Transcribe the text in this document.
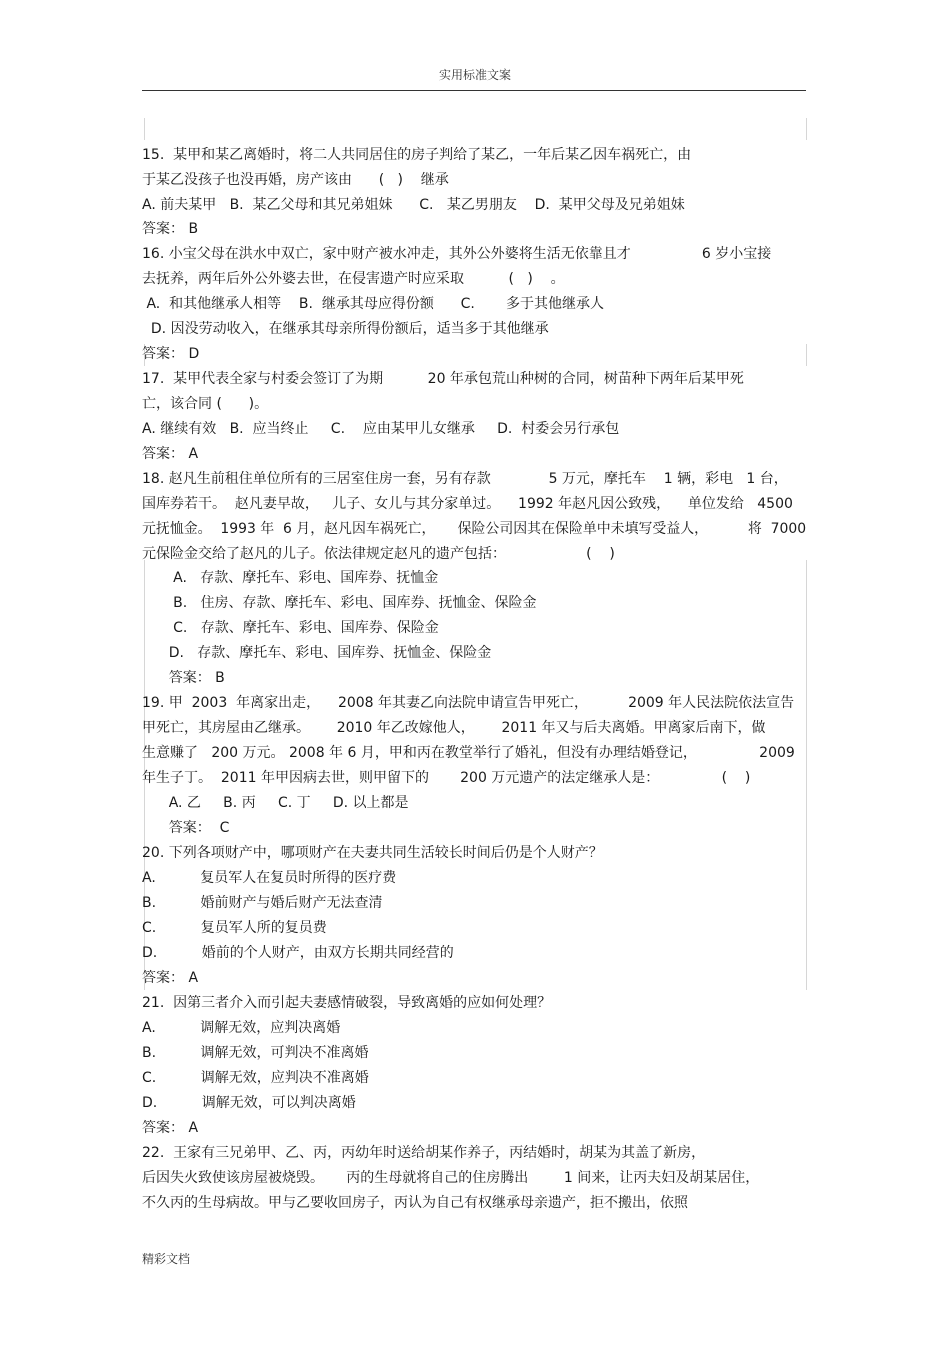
实用标准文案
15.  某甲和某乙离婚时，将二人共同居住的房子判给了某乙，一年后某乙因车祸死亡，由
于某乙没孩子也没再婚，房产该由      (   )    继承
A. 前夫某甲   B.  某乙父母和其兄弟姐妹      C.   某乙男朋友    D.  某甲父母及兄弟姐妹
答案： B
16. 小宝父母在洪水中双亡，家中财产被水冲走，其外公外婆将生活无依靠且才                6 岁小宝接
去抚养，两年后外公外婆去世，在侵害遗产时应采取          (   )    。
A.  和其他继承人相等    B.  继承其母应得份额      C.       多于其他继承人
D. 因没劳动收入，在继承其母亲所得份额后，适当多于其他继承
答案： D
17.  某甲代表全家与村委会签订了为期          20 年承包荒山种树的合同，树苗种下两年后某甲死
亡，该合同 (      )。
A. 继续有效   B.  应当终止     C.    应由某甲儿女继承     D.  村委会另行承包
答案： A
18. 赵凡生前租住单位所有的三居室住房一套，另有存款             5 万元，摩托车    1 辆，彩电   1 台，
国库券若干。  赵凡妻早故，   儿子、女儿与其分家单过。    1992 年赵凡因公致残，    单位发给   4500
元抚恤金。  1993 年  6 月，赵凡因车祸死亡，     保险公司因其在保险单中未填写受益人，         将  7000
元保险金交给了赵凡的儿子。依法律规定赵凡的遗产包括：                  (    )
A.   存款、摩托车、彩电、国库券、抚恤金
B.   住房、存款、摩托车、彩电、国库券、抚恤金、保险金
C.   存款、摩托车、彩电、国库券、保险金
D.   存款、摩托车、彩电、国库券、抚恤金、保险金
答案： B
19. 甲  2003  年离家出走，    2008 年其妻乙向法院申请宣告甲死亡，         2009 年人民法院依法宣告
甲死亡，其房屋由乙继承。      2010 年乙改嫁他人，      2011 年又与后夫离婚。甲离家后南下，做
生意赚了   200 万元。 2008 年 6 月，甲和丙在教堂举行了婚礼，但没有办理结婚登记，              2009
年生子丁。  2011 年甲因病去世，则甲留下的       200 万元遗产的法定继承人是：              (    )
A. 乙     B. 丙     C. 丁     D. 以上都是
答案：  C
20. 下列各项财产中，哪项财产在夫妻共同生活较长时间后仍是个人财产？
A.          复员军人在复员时所得的医疗费
B.          婚前财产与婚后财产无法查清
C.          复员军人所的复员费
D.          婚前的个人财产，由双方长期共同经营的
答案： A
21.  因第三者介入而引起夫妻感情破裂，导致离婚的应如何处理？
A.          调解无效，应判决离婚
B.          调解无效，可判决不准离婚
C.          调解无效，应判决不准离婚
D.          调解无效，可以判决离婚
答案： A
22.  王家有三兄弟甲、乙、丙，丙幼年时送给胡某作养子，丙结婚时，胡某为其盖了新房，
后因失火致使该房屋被烧毁。     丙的生母就将自己的住房腾出        1 间来，让丙夫妇及胡某居住，
不久丙的生母病故。甲与乙要收回房子，丙认为自己有权继承母亲遗产，拒不搬出，依照
精彩文档
